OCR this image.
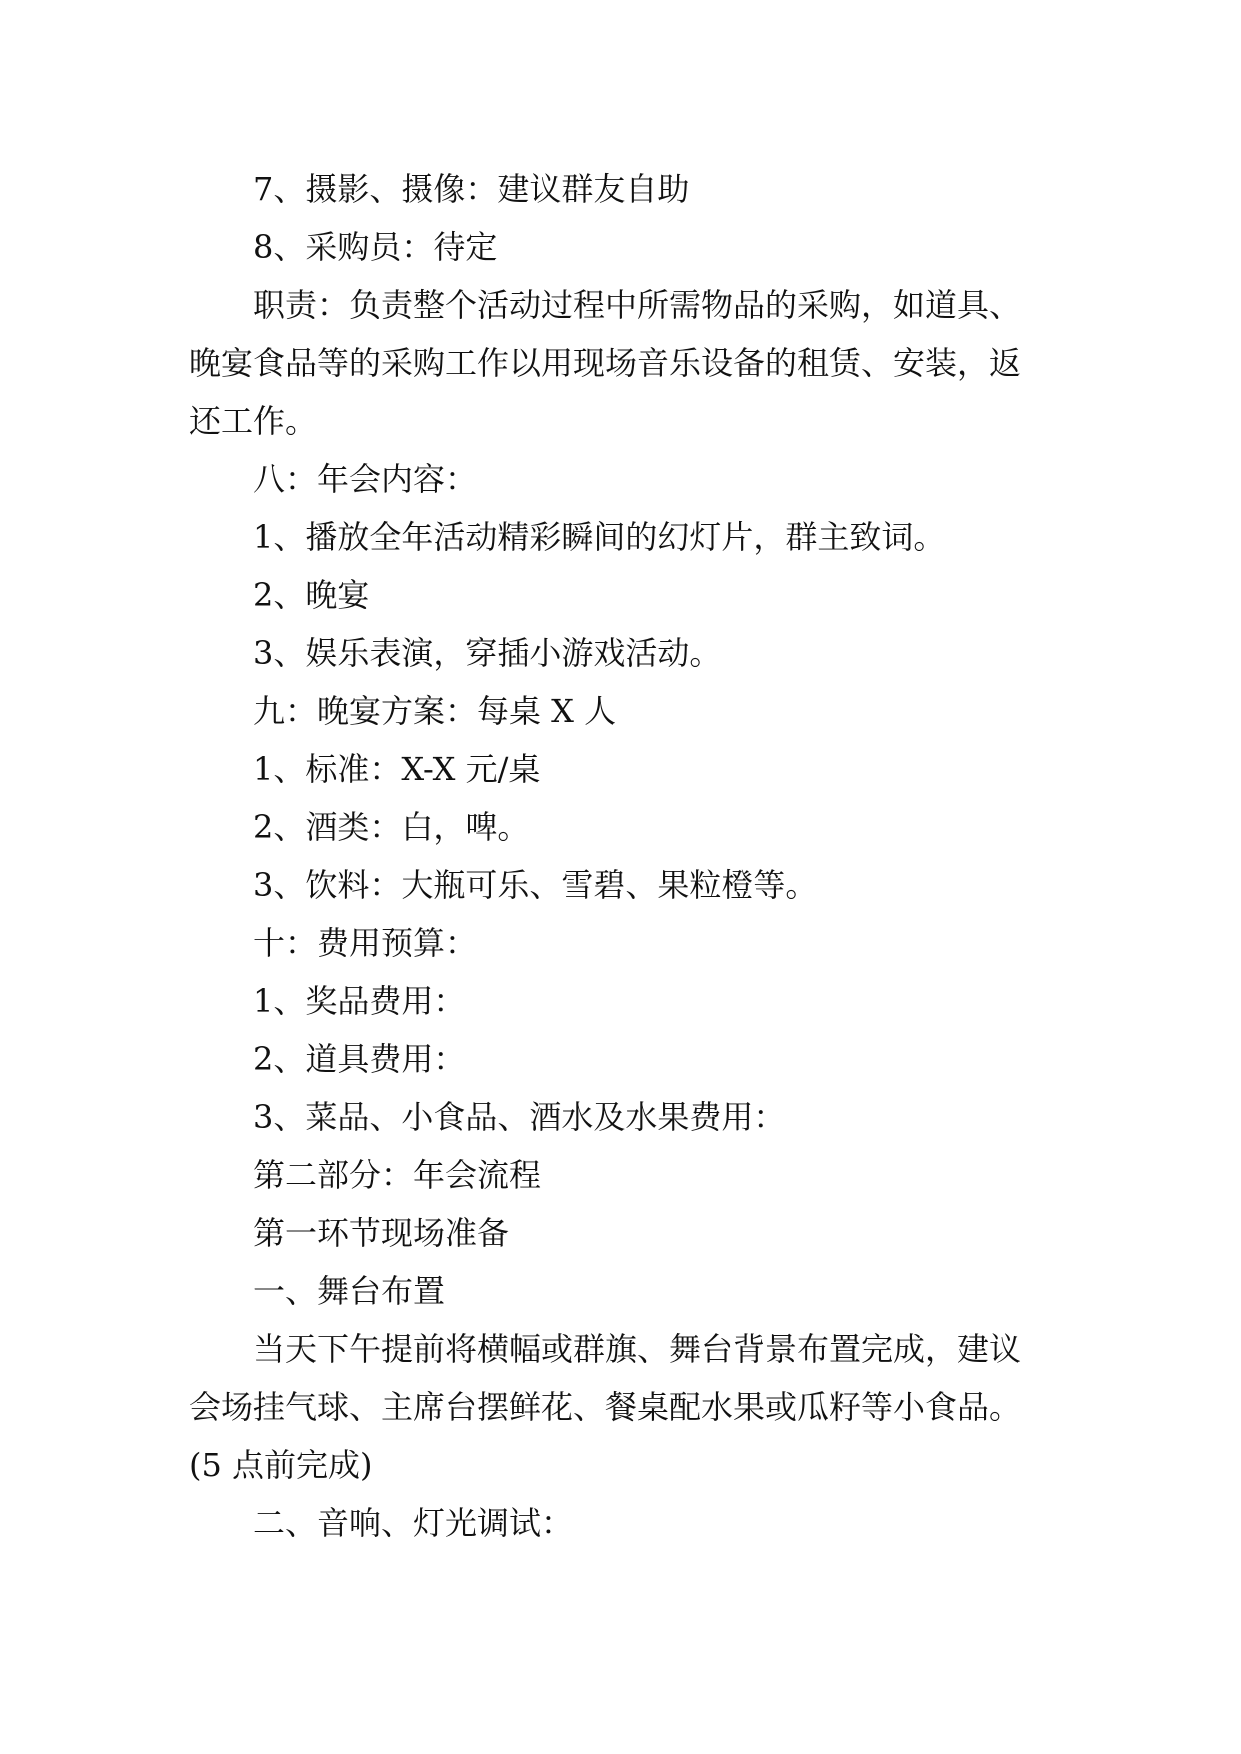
7、摄影、摄像：建议群友自助

8、采购员：待定

职责：负责整个活动过程中所需物品的采购，如道具、

晚宴食品等的采购工作以用现场音乐设备的租赁、安装，返

还工作。

八：年会内容：

1、播放全年活动精彩瞬间的幻灯片，群主致词。

2、晚宴

3、娱乐表演，穿插小游戏活动。

九：晚宴方案：每桌 X 人

1、标准：X-X 元/桌

2、酒类：白，啤。

3、饮料：大瓶可乐、雪碧、果粒橙等。

十：费用预算：

1、奖品费用：

2、道具费用：

3、菜品、小食品、酒水及水果费用：

第二部分：年会流程

第一环节现场准备

一、舞台布置

当天下午提前将横幅或群旗、舞台背景布置完成，建议

会场挂气球、主席台摆鲜花、餐桌配水果或瓜籽等小食品。

(5 点前完成)

二、音响、灯光调试：
